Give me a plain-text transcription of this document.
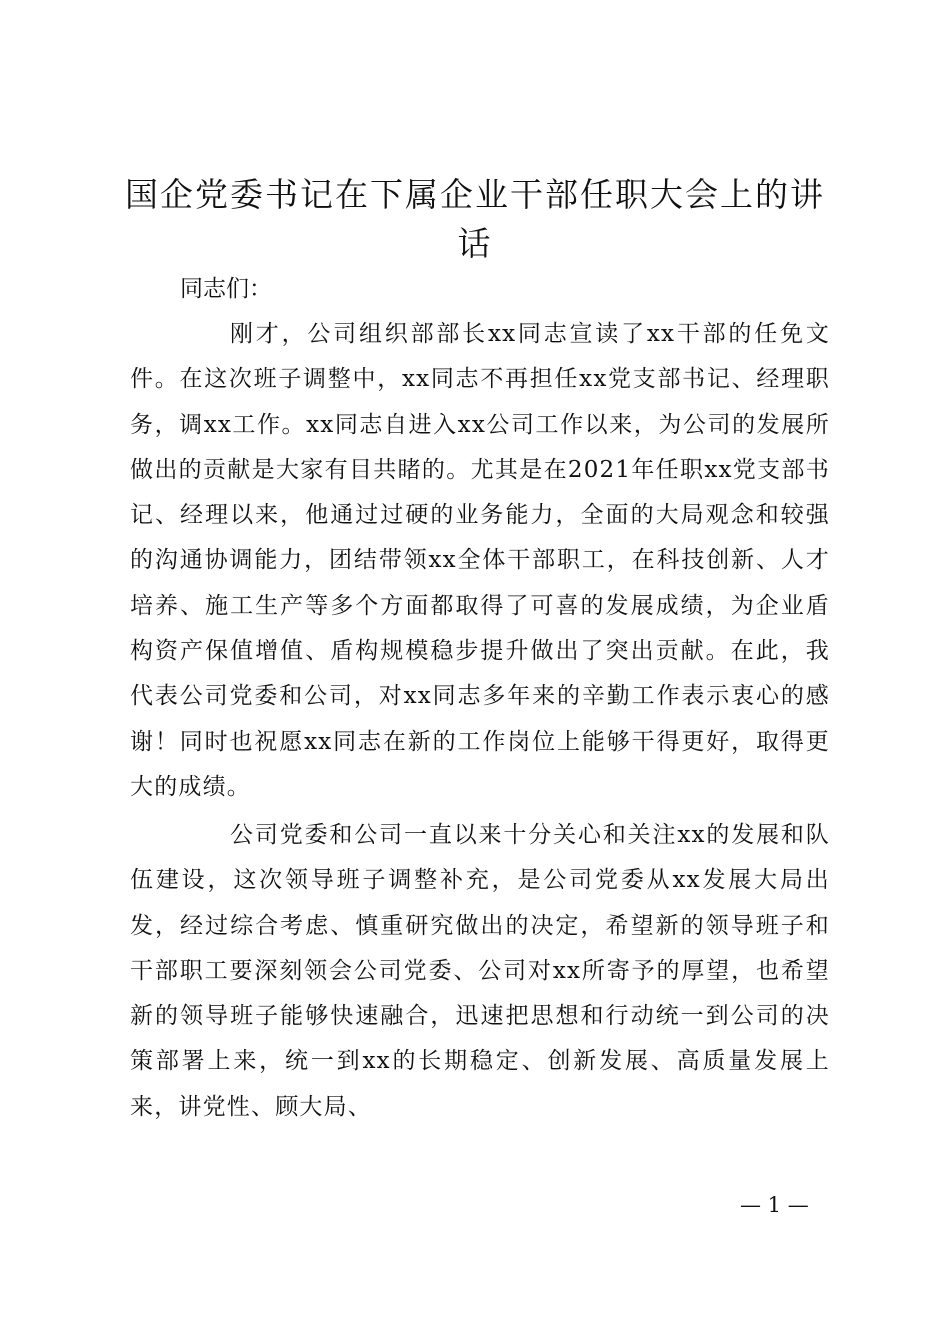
国企党委书记在下属企业干部任职大会上的讲话

同志们：

刚才，公司组织部部长xx同志宣读了xx干部的任免文件。在这次班子调整中，xx同志不再担任xx党支部书记、经理职务，调xx工作。xx同志自进入xx公司工作以来，为公司的发展所做出的贡献是大家有目共睹的。尤其是在2021年任职xx党支部书记、经理以来，他通过过硬的业务能力，全面的大局观念和较强的沟通协调能力，团结带领xx全体干部职工，在科技创新、人才培养、施工生产等多个方面都取得了可喜的发展成绩，为企业盾构资产保值增值、盾构规模稳步提升做出了突出贡献。在此，我代表公司党委和公司，对xx同志多年来的辛勤工作表示衷心的感谢！同时也祝愿xx同志在新的工作岗位上能够干得更好，取得更大的成绩。

公司党委和公司一直以来十分关心和关注xx的发展和队伍建设，这次领导班子调整补充，是公司党委从xx发展大局出发，经过综合考虑、慎重研究做出的决定，希望新的领导班子和干部职工要深刻领会公司党委、公司对xx所寄予的厚望，也希望新的领导班子能够快速融合，迅速把思想和行动统一到公司的决策部署上来，统一到xx的长期稳定、创新发展、高质量发展上来，讲党性、顾大局、

— 1 —
